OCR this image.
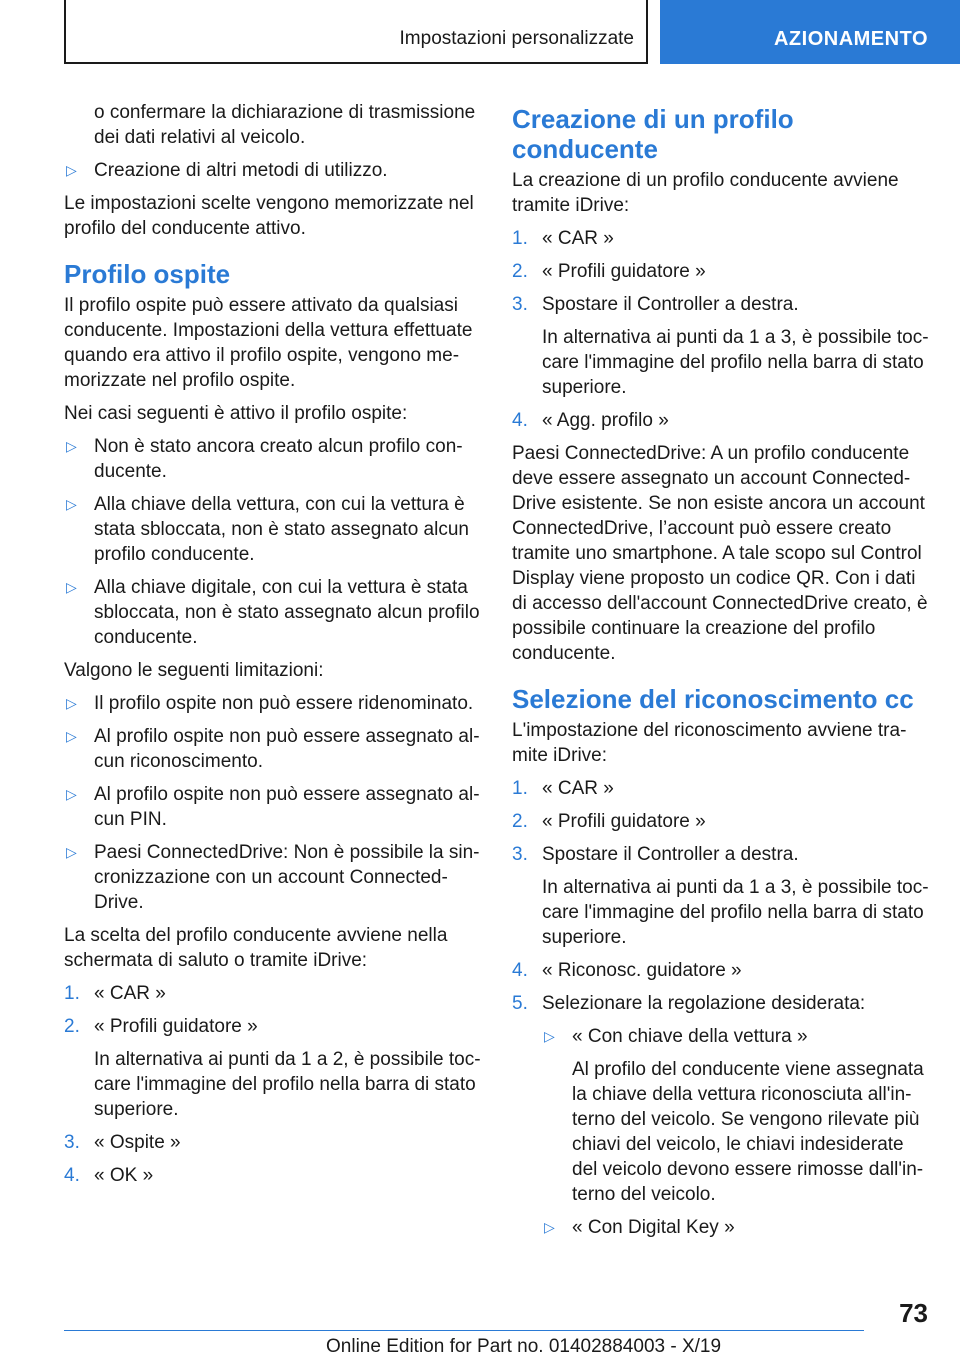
Impostazioni personalizzate	AZIONAMENTO

o confermare la dichiarazione di trasmissione dei dati relativi al veicolo.

▷ Creazione di altri metodi di utilizzo.

Le impostazioni scelte vengono memorizzate nel profilo del conducente attivo.

Profilo ospite

Il profilo ospite può essere attivato da qualsiasi conducente. Impostazioni della vettura effettuate quando era attivo il profilo ospite, vengono memorizzate nel profilo ospite.

Nei casi seguenti è attivo il profilo ospite:

▷ Non è stato ancora creato alcun profilo conducente.
▷ Alla chiave della vettura, con cui la vettura è stata sbloccata, non è stato assegnato alcun profilo conducente.
▷ Alla chiave digitale, con cui la vettura è stata sbloccata, non è stato assegnato alcun profilo conducente.

Valgono le seguenti limitazioni:

▷ Il profilo ospite non può essere ridenominato.
▷ Al profilo ospite non può essere assegnato alcun riconoscimento.
▷ Al profilo ospite non può essere assegnato alcun PIN.
▷ Paesi ConnectedDrive: Non è possibile la sincronizzazione con un account ConnectedDrive.

La scelta del profilo conducente avviene nella schermata di saluto o tramite iDrive:

1. « CAR »
2. « Profili guidatore »

In alternativa ai punti da 1 a 2, è possibile toccare l'immagine del profilo nella barra di stato superiore.

3. « Ospite »
4. « OK »
Creazione di un profilo conducente

La creazione di un profilo conducente avviene tramite iDrive:

1. « CAR »
2. « Profili guidatore »
3. Spostare il Controller a destra.

In alternativa ai punti da 1 a 3, è possibile toccare l'immagine del profilo nella barra di stato superiore.

4. « Agg. profilo »

Paesi ConnectedDrive: A un profilo conducente deve essere assegnato un account ConnectedDrive esistente. Se non esiste ancora un account ConnectedDrive, l’account può essere creato tramite uno smartphone. A tale scopo sul Control Display viene proposto un codice QR. Con i dati di accesso dell'account ConnectedDrive creato, è possibile continuare la creazione del profilo conducente.

Selezione del riconoscimento cc

L'impostazione del riconoscimento avviene tramite iDrive:

1. « CAR »
2. « Profili guidatore »
3. Spostare il Controller a destra.

In alternativa ai punti da 1 a 3, è possibile toccare l'immagine del profilo nella barra di stato superiore.

4. « Riconosc. guidatore »
5. Selezionare la regolazione desiderata:
▷ « Con chiave della vettura »

Al profilo del conducente viene assegnata la chiave della vettura riconosciuta all'interno del veicolo. Se vengono rilevate più chiavi del veicolo, le chiavi indesiderate del veicolo devono essere rimosse dall'interno del veicolo.

▷ « Con Digital Key »
73
Online Edition for Part no. 01402884003 - X/19
